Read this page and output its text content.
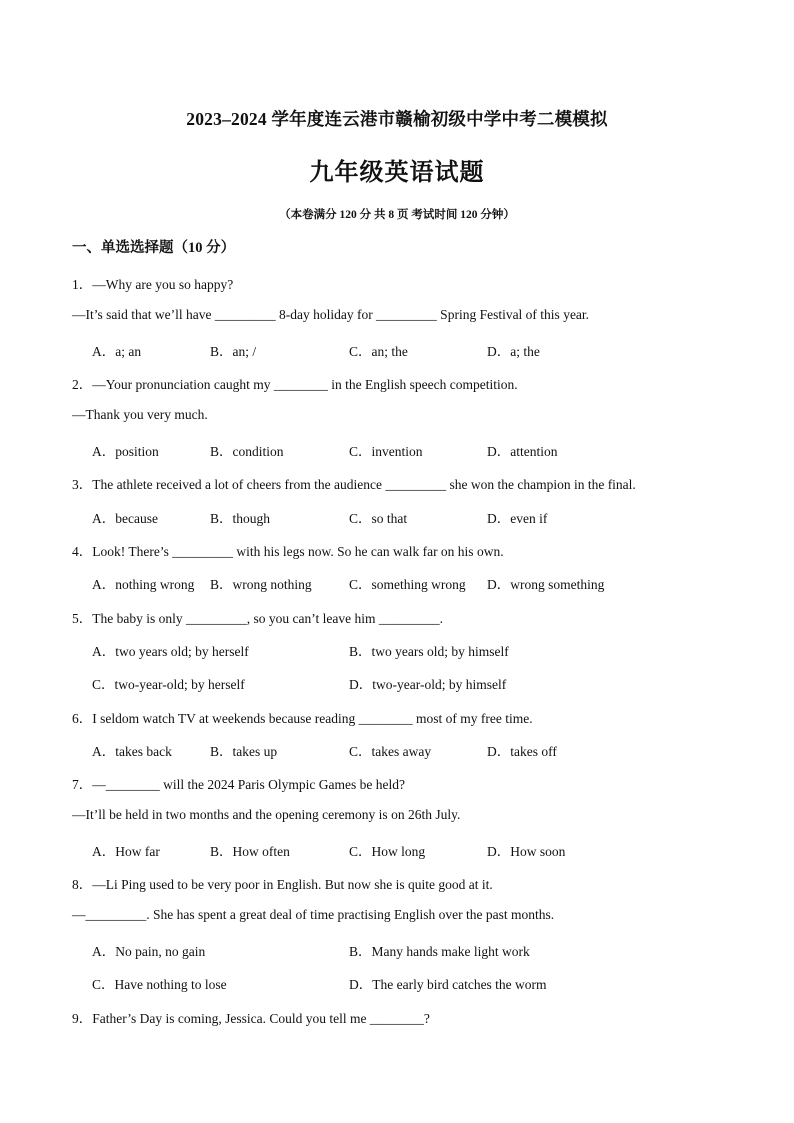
2023–2024 学年度连云港市赣榆初级中学中考二模模拟
九年级英语试题
（本卷满分 120 分 共 8 页 考试时间 120 分钟）
一、单选选择题（10 分）
1．—Why are you so happy?
—It’s said that we’ll have _________ 8-day holiday for _________ Spring Festival of this year.
A．a; an	B．an; /	C．an; the	D．a; the
2．—Your pronunciation caught my ________ in the English speech competition.
—Thank you very much.
A．position	B．condition	C．invention	D．attention
3．The athlete received a lot of cheers from the audience _________ she won the champion in the final.
A．because	B．though	C．so that	D．even if
4．Look! There’s _________ with his legs now. So he can walk far on his own.
A．nothing wrong B．wrong nothing	C．something wrong D．wrong something
5．The baby is only _________, so you can’t leave him _________.
A．two years old; by herself	B．two years old; by himself
C．two-year-old; by herself	D．two-year-old; by himself
6．I seldom watch TV at weekends because reading ________ most of my free time.
A．takes back	B．takes up	C．takes away	D．takes off
7．—________ will the 2024 Paris Olympic Games be held?
—It’ll be held in two months and the opening ceremony is on 26th July.
A．How far	B．How often	C．How long	D．How soon
8．—Li Ping used to be very poor in English. But now she is quite good at it.
—_________. She has spent a great deal of time practising English over the past months.
A．No pain, no gain	B．Many hands make light work
C．Have nothing to lose	D．The early bird catches the worm
9．Father’s Day is coming, Jessica. Could you tell me ________?
